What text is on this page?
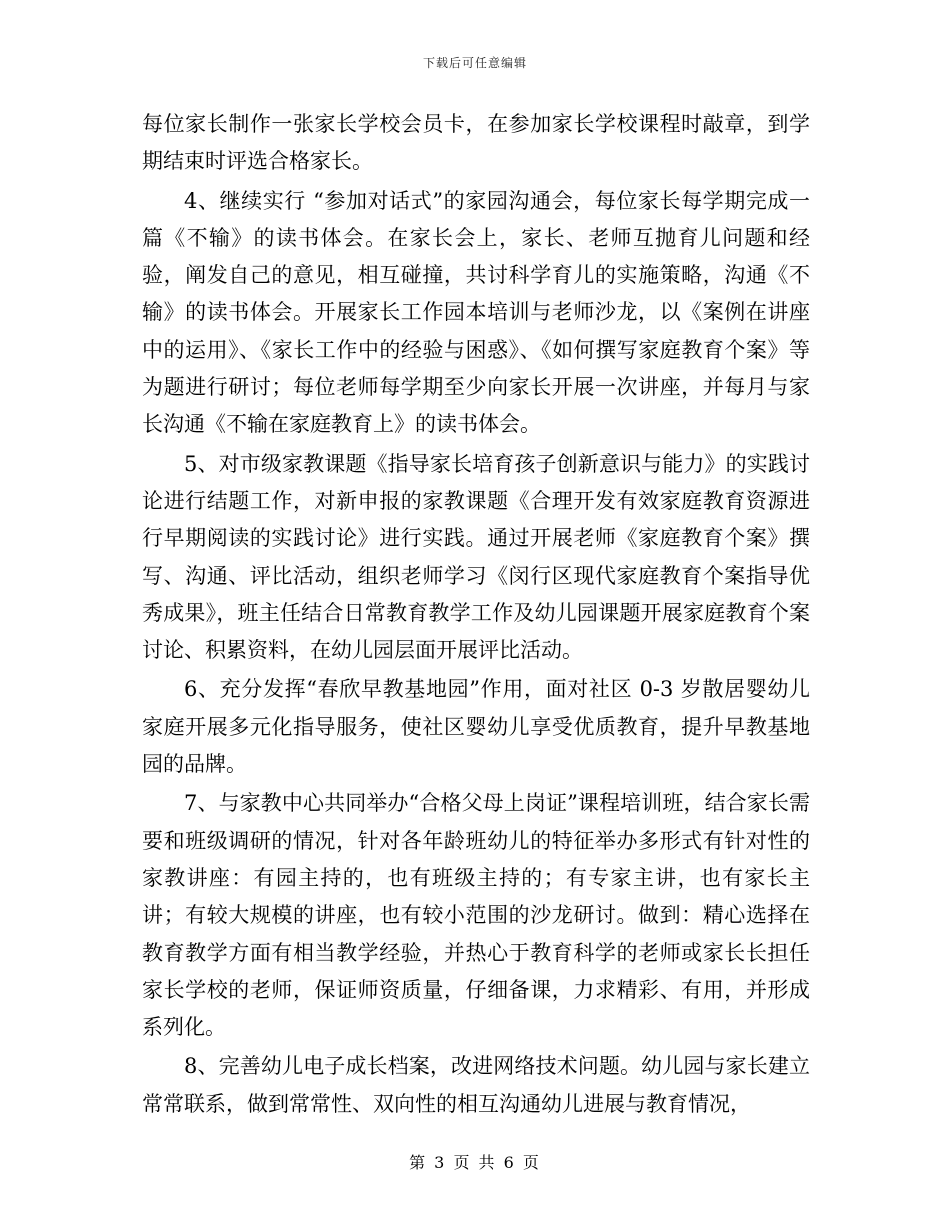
下载后可任意编辑

每位家长制作一张家长学校会员卡，在参加家长学校课程时敲章，到学期结束时评选合格家长。

4、继续实行 “参加对话式”的家园沟通会，每位家长每学期完成一篇《不输》的读书体会。在家长会上，家长、老师互抛育儿问题和经验，阐发自己的意见，相互碰撞，共讨科学育儿的实施策略，沟通《不输》的读书体会。开展家长工作园本培训与老师沙龙，以《案例在讲座中的运用》、《家长工作中的经验与困惑》、《如何撰写家庭教育个案》等为题进行研讨；每位老师每学期至少向家长开展一次讲座，并每月与家长沟通《不输在家庭教育上》的读书体会。

5、对市级家教课题《指导家长培育孩子创新意识与能力》的实践讨论进行结题工作，对新申报的家教课题《合理开发有效家庭教育资源进行早期阅读的实践讨论》进行实践。通过开展老师《家庭教育个案》撰写、沟通、评比活动，组织老师学习《闵行区现代家庭教育个案指导优秀成果》，班主任结合日常教育教学工作及幼儿园课题开展家庭教育个案讨论、积累资料，在幼儿园层面开展评比活动。

6、充分发挥“春欣早教基地园”作用，面对社区 0-3 岁散居婴幼儿家庭开展多元化指导服务，使社区婴幼儿享受优质教育，提升早教基地园的品牌。

7、与家教中心共同举办“合格父母上岗证”课程培训班，结合家长需要和班级调研的情况，针对各年龄班幼儿的特征举办多形式有针对性的家教讲座：有园主持的，也有班级主持的；有专家主讲，也有家长主讲；有较大规模的讲座，也有较小范围的沙龙研讨。做到：精心选择在教育教学方面有相当教学经验，并热心于教育科学的老师或家长长担任家长学校的老师，保证师资质量，仔细备课，力求精彩、有用，并形成系列化。

8、完善幼儿电子成长档案，改进网络技术问题。幼儿园与家长建立常常联系，做到常常性、双向性的相互沟通幼儿进展与教育情况，

第 3 页 共 6 页
